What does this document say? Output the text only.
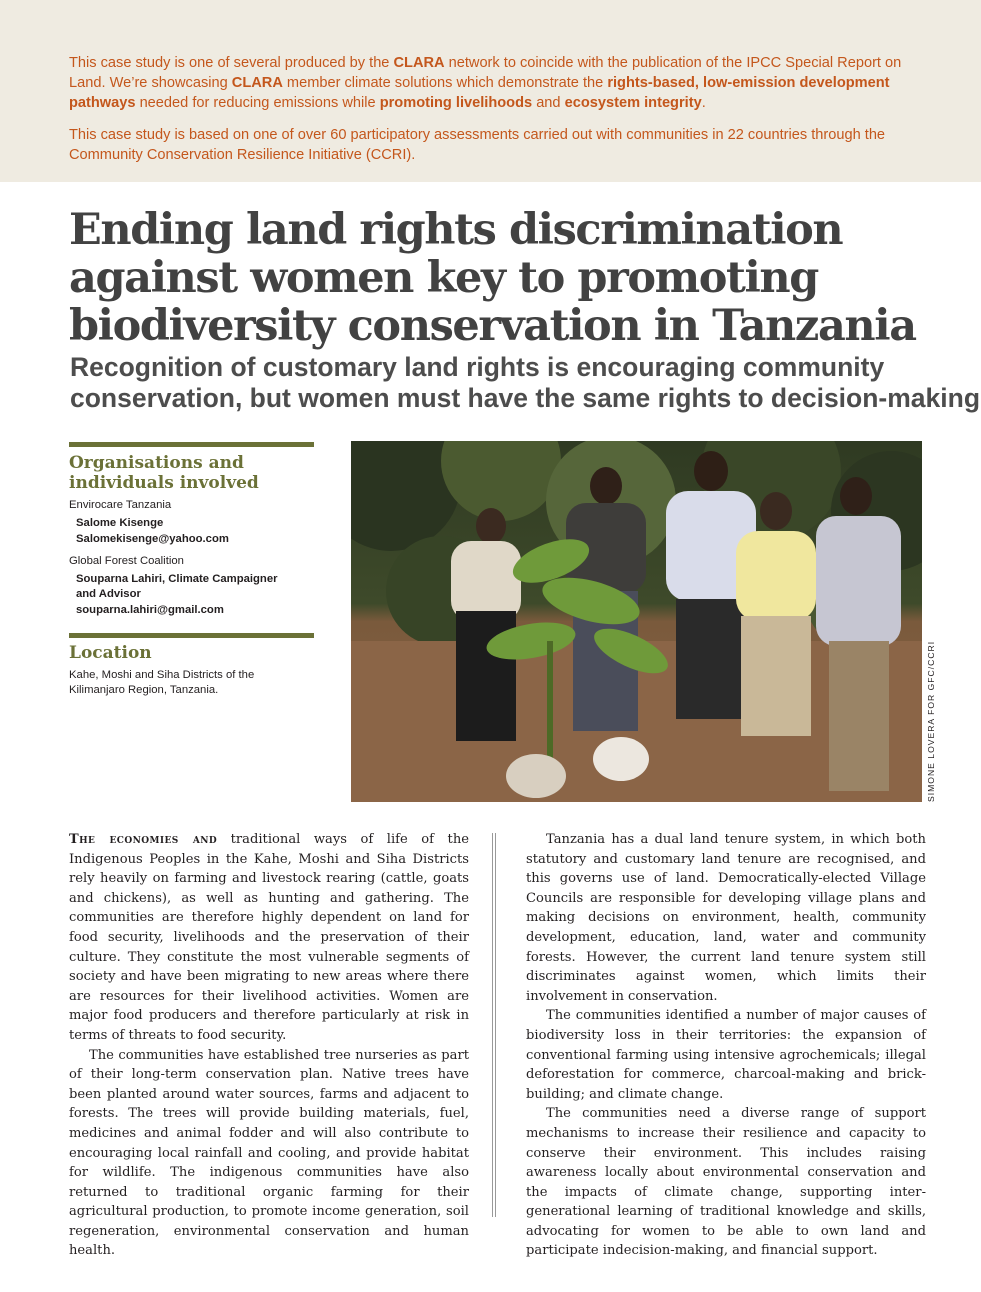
This case study is one of several produced by the CLARA network to coincide with the publication of the IPCC Special Report on Land. We’re showcasing CLARA member climate solutions which demonstrate the rights-based, low-emission development pathways needed for reducing emissions while promoting livelihoods and ecosystem integrity.

This case study is based on one of over 60 participatory assessments carried out with communities in 22 countries through the Community Conservation Resilience Initiative (CCRI).

Ending land rights discrimination
against women key to promoting
biodiversity conservation in Tanzania
Recognition of customary land rights is encouraging community
conservation, but women must have the same rights to decision-making

Organisations and
individuals involved

Envirocare Tanzania

Salome Kisenge

Salomekisenge@yahoo.com

Global Forest Coalition

Souparna Lahiri, Climate Campaigner and Advisor

souparna.lahiri@gmail.com

Location

Kahe, Moshi and Siha Districts of the Kilimanjaro Region, Tanzania.	SIMONE LOVERA FOR GFC/CCRI

The economies and traditional ways of life of the Indigenous Peoples in the Kahe, Moshi and Siha Districts rely heavily on farming and livestock rearing (cattle, goats and chickens), as well as hunting and gathering. The communities are therefore highly dependent on land for food security, livelihoods and the preservation of their culture. They constitute the most vulnerable segments of society and have been migrating to new areas where there are resources for their livelihood activities. Women are major food producers and therefore particularly at risk in terms of threats to food security.

The communities have established tree nurseries as part of their long-term conservation plan. Native trees have been planted around water sources, farms and adjacent to forests. The trees will provide building materials, fuel, medicines and animal fodder and will also contribute to encouraging local rainfall and cooling, and provide habitat for wildlife. The indigenous communities have also returned to traditional organic farming for their agricultural production, to promote income generation, soil regeneration, environmental conservation and human health.

Tanzania has a dual land tenure system, in which both statutory and customary land tenure are recognised, and this governs use of land. Democratically-elected Village Councils are responsible for developing village plans and making decisions on environment, health, community development, education, land, water and community forests. However, the current land tenure system still discriminates against women, which limits their involvement in conservation.

The communities identified a number of major causes of biodiversity loss in their territories: the expansion of conventional farming using intensive agrochemicals; illegal deforestation for commerce, charcoal-making and brick-building; and climate change.

The communities need a diverse range of support mechanisms to increase their resilience and capacity to conserve their environment. This includes raising awareness locally about environmental conservation and the impacts of climate change, supporting inter-generational learning of traditional knowledge and skills, advocating for women to be able to own land and participate indecision-making, and financial support.
